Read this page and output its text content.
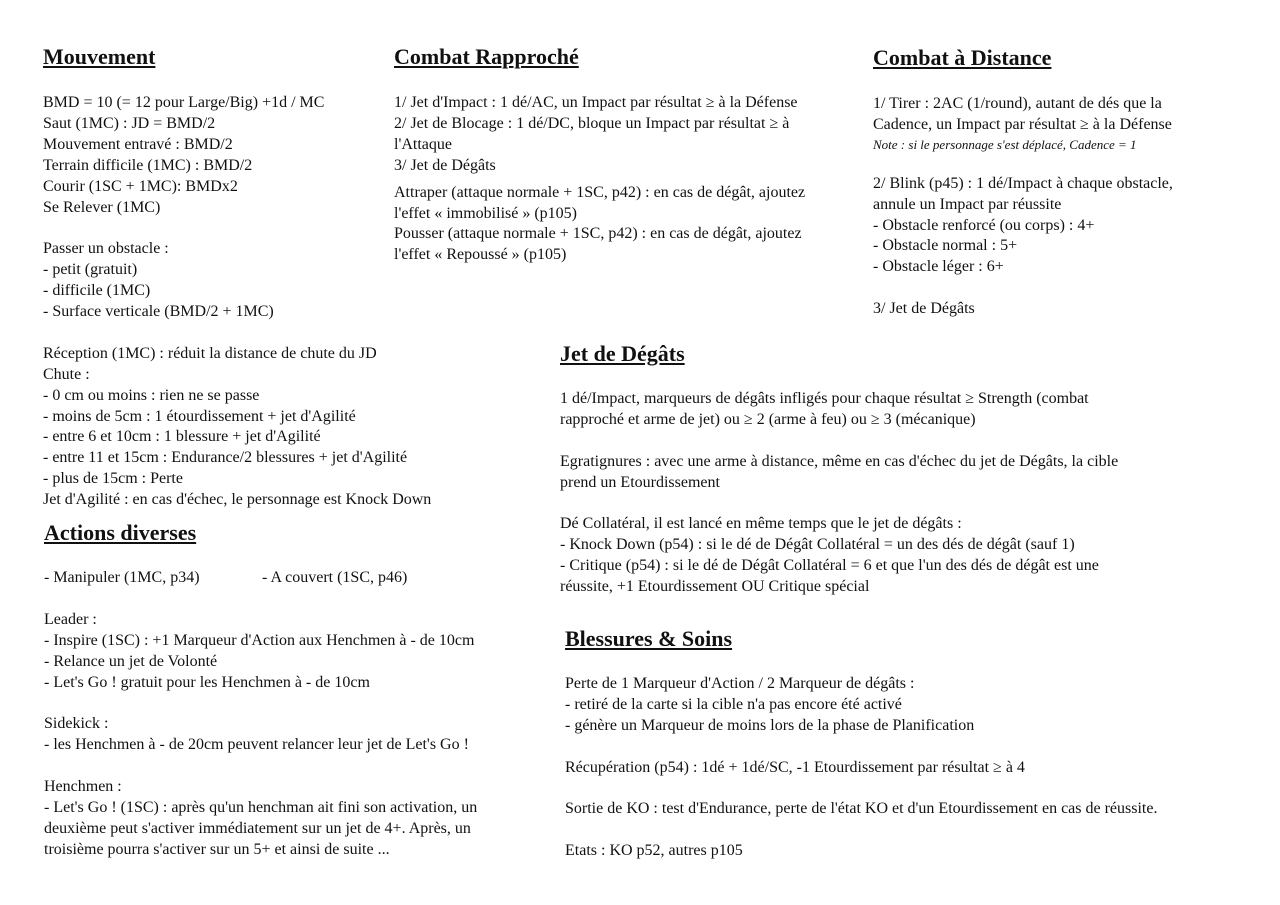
Mouvement
BMD = 10 (= 12 pour Large/Big) +1d / MC
Saut (1MC) : JD = BMD/2
Mouvement entravé : BMD/2
Terrain difficile (1MC) : BMD/2
Courir (1SC + 1MC): BMDx2
Se Relever (1MC)
Passer un obstacle :
- petit (gratuit)
- difficile (1MC)
- Surface verticale (BMD/2 + 1MC)
Réception (1MC) : réduit la distance de chute du JD
Chute :
- 0 cm ou moins : rien ne se passe
- moins de 5cm : 1 étourdissement + jet d'Agilité
- entre 6 et 10cm : 1 blessure + jet d'Agilité
- entre 11 et 15cm : Endurance/2 blessures + jet d'Agilité
- plus de 15cm : Perte
Jet d'Agilité : en cas d'échec, le personnage est Knock Down
Combat Rapproché
1/ Jet d'Impact : 1 dé/AC, un Impact par résultat ≥ à la Défense
2/ Jet de Blocage : 1 dé/DC, bloque un Impact par résultat ≥ à
l'Attaque
3/ Jet de Dégâts
Attraper (attaque normale + 1SC, p42) : en cas de dégât, ajoutez
l'effet « immobilisé » (p105)
Pousser (attaque normale + 1SC, p42) : en cas de dégât, ajoutez
l'effet « Repoussé » (p105)
Combat à Distance
1/ Tirer : 2AC (1/round), autant de dés que la
Cadence, un Impact par résultat ≥ à la Défense
Note : si le personnage s'est déplacé, Cadence = 1
2/ Blink (p45) : 1 dé/Impact à chaque obstacle,
annule un Impact par réussite
- Obstacle renforcé (ou corps) : 4+
- Obstacle normal : 5+
- Obstacle léger : 6+
3/ Jet de Dégâts
Jet de Dégâts
1 dé/Impact, marqueurs de dégâts infligés pour chaque résultat ≥ Strength (combat
rapproché et arme de jet) ou ≥ 2 (arme à feu) ou ≥ 3 (mécanique)
Egratignures : avec une arme à distance, même en cas d'échec du jet de Dégâts, la cible
prend un Etourdissement
Dé Collatéral, il est lancé en même temps que le jet de dégâts :
- Knock Down (p54) : si le dé de Dégât Collatéral = un des dés de dégât (sauf 1)
- Critique (p54) : si le dé de Dégât Collatéral = 6 et que l'un des dés de dégât est une
réussite, +1 Etourdissement OU Critique spécial
Actions diverses
- Manipuler (1MC, p34)	- A couvert (1SC, p46)
Leader :
- Inspire (1SC) : +1 Marqueur d'Action aux Henchmen à - de 10cm
- Relance un jet de Volonté
- Let's Go ! gratuit pour les Henchmen à - de 10cm
Sidekick :
- les Henchmen à - de 20cm peuvent relancer leur jet de Let's Go !
Henchmen :
- Let's Go ! (1SC) : après qu'un henchman ait fini son activation, un
deuxième peut s'activer immédiatement sur un jet de 4+. Après, un
troisième pourra s'activer sur un 5+ et ainsi de suite ...
Blessures & Soins
Perte de 1 Marqueur d'Action / 2 Marqueur de dégâts :
- retiré de la carte si la cible n'a pas encore été activé
- génère un Marqueur de moins lors de la phase de Planification
Récupération (p54) : 1dé + 1dé/SC, -1 Etourdissement par résultat ≥ à 4
Sortie de KO : test d'Endurance, perte de l'état KO et d'un Etourdissement en cas de réussite.
Etats : KO p52, autres p105
